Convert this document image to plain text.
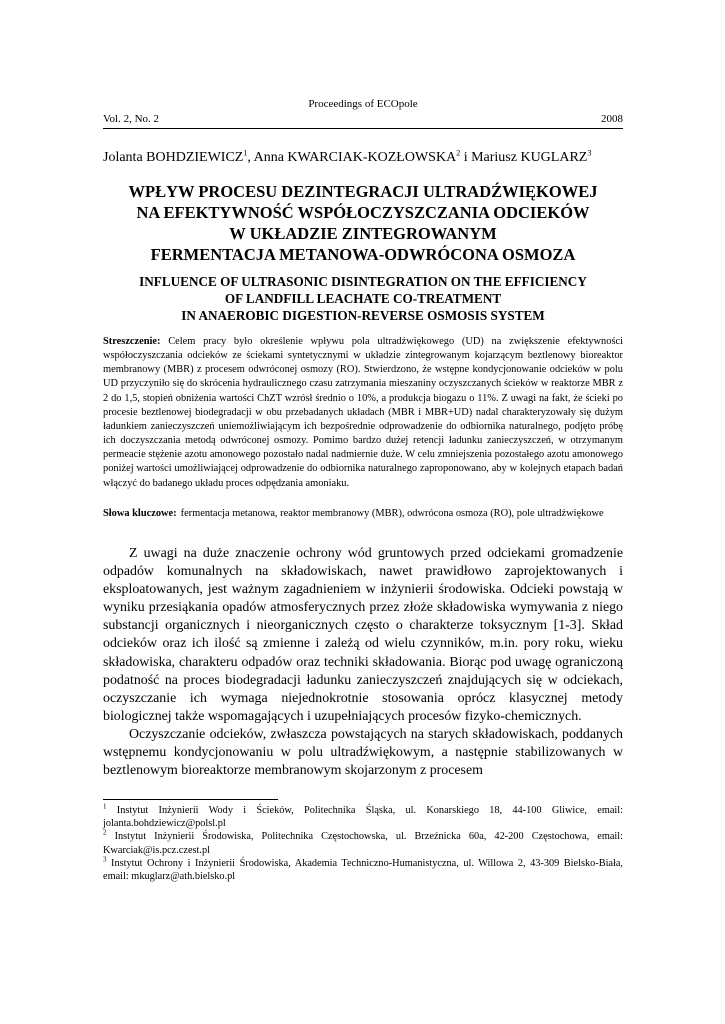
Proceedings of ECOpole
Vol. 2, No. 2	2008
Jolanta BOHDZIEWICZ$^1$, Anna KWARCIAK-KOZŁOWSKA$^2$ i Mariusz KUGLARZ$^3$
WPŁYW PROCESU DEZINTEGRACJI ULTRADŹWIĘKOWEJ
NA EFEKTYWNOŚĆ WSPÓŁOCZYSZCZANIA ODCIEKÓW
W UKŁADZIE ZINTEGROWANYM
FERMENTACJA METANOWA-ODWRÓCONA OSMOZA
INFLUENCE OF ULTRASONIC DISINTEGRATION ON THE EFFICIENCY
OF LANDFILL LEACHATE CO-TREATMENT
IN ANAEROBIC DIGESTION-REVERSE OSMOSIS SYSTEM
Streszczenie: Celem pracy było określenie wpływu pola ultradźwiękowego (UD) na zwiększenie efektywności współoczyszczania odcieków ze ściekami syntetycznymi w układzie zintegrowanym kojarzącym beztlenowy bioreaktor membranowy (MBR) z procesem odwróconej osmozy (RO). Stwierdzono, że wstępne kondycjonowanie odcieków w polu UD przyczyniło się do skrócenia hydraulicznego czasu zatrzymania mieszaniny oczyszczanych ścieków w reaktorze MBR z 2 do 1,5, stopień obniżenia wartości ChZT wzrósł średnio o 10%, a produkcja biogazu o 11%. Z uwagi na fakt, że ścieki po procesie beztlenowej biodegradacji w obu przebadanych układach (MBR i MBR+UD) nadal charakteryzowały się dużym ładunkiem zanieczyszczeń uniemożliwiającym ich bezpośrednie odprowadzenie do odbiornika naturalnego, podjęto próbę ich doczyszczania metodą odwróconej osmozy. Pomimo bardzo dużej retencji ładunku zanieczyszczeń, w otrzymanym permeacie stężenie azotu amonowego pozostało nadal nadmiernie duże. W celu zmniejszenia pozostałego azotu amonowego poniżej wartości umożliwiającej odprowadzenie do odbiornika naturalnego zaproponowano, aby w kolejnych etapach badań włączyć do badanego układu proces odpędzania amoniaku.
Słowa kluczowe: fermentacja metanowa, reaktor membranowy (MBR), odwrócona osmoza (RO), pole ultradźwiękowe

Z uwagi na duże znaczenie ochrony wód gruntowych przed odciekami gromadzenie odpadów komunalnych na składowiskach, nawet prawidłowo zaprojektowanych i eksploatowanych, jest ważnym zagadnieniem w inżynierii środowiska. Odcieki powstają w wyniku przesiąkania opadów atmosferycznych przez złoże składowiska wymywania z niego substancji organicznych i nieorganicznych często o charakterze toksycznym [1-3]. Skład odcieków oraz ich ilość są zmienne i zależą od wielu czynników, m.in. pory roku, wieku składowiska, charakteru odpadów oraz techniki składowania. Biorąc pod uwagę ograniczoną podatność na proces biodegradacji ładunku zanieczyszczeń znajdujących się w odciekach, oczyszczanie ich wymaga niejednokrotnie stosowania oprócz klasycznej metody biologicznej także wspomagających i uzupełniających procesów fizyko-chemicznych.

Oczyszczanie odcieków, zwłaszcza powstających na starych składowiskach, poddanych wstępnemu kondycjonowaniu w polu ultradźwiękowym, a następnie stabilizowanych w beztlenowym bioreaktorze membranowym skojarzonym z procesem

$^1$ Instytut Inżynierii Wody i Ścieków, Politechnika Śląska, ul. Konarskiego 18, 44-100 Gliwice, email: jolanta.bohdziewicz@polsl.pl
$^2$ Instytut Inżynierii Środowiska, Politechnika Częstochowska, ul. Brzeźnicka 60a, 42-200 Częstochowa, email: Kwarciak@is.pcz.czest.pl
$^3$ Instytut Ochrony i Inżynierii Środowiska, Akademia Techniczno-Humanistyczna, ul. Willowa 2, 43-309 Bielsko-Biała, email: mkuglarz@ath.bielsko.pl
